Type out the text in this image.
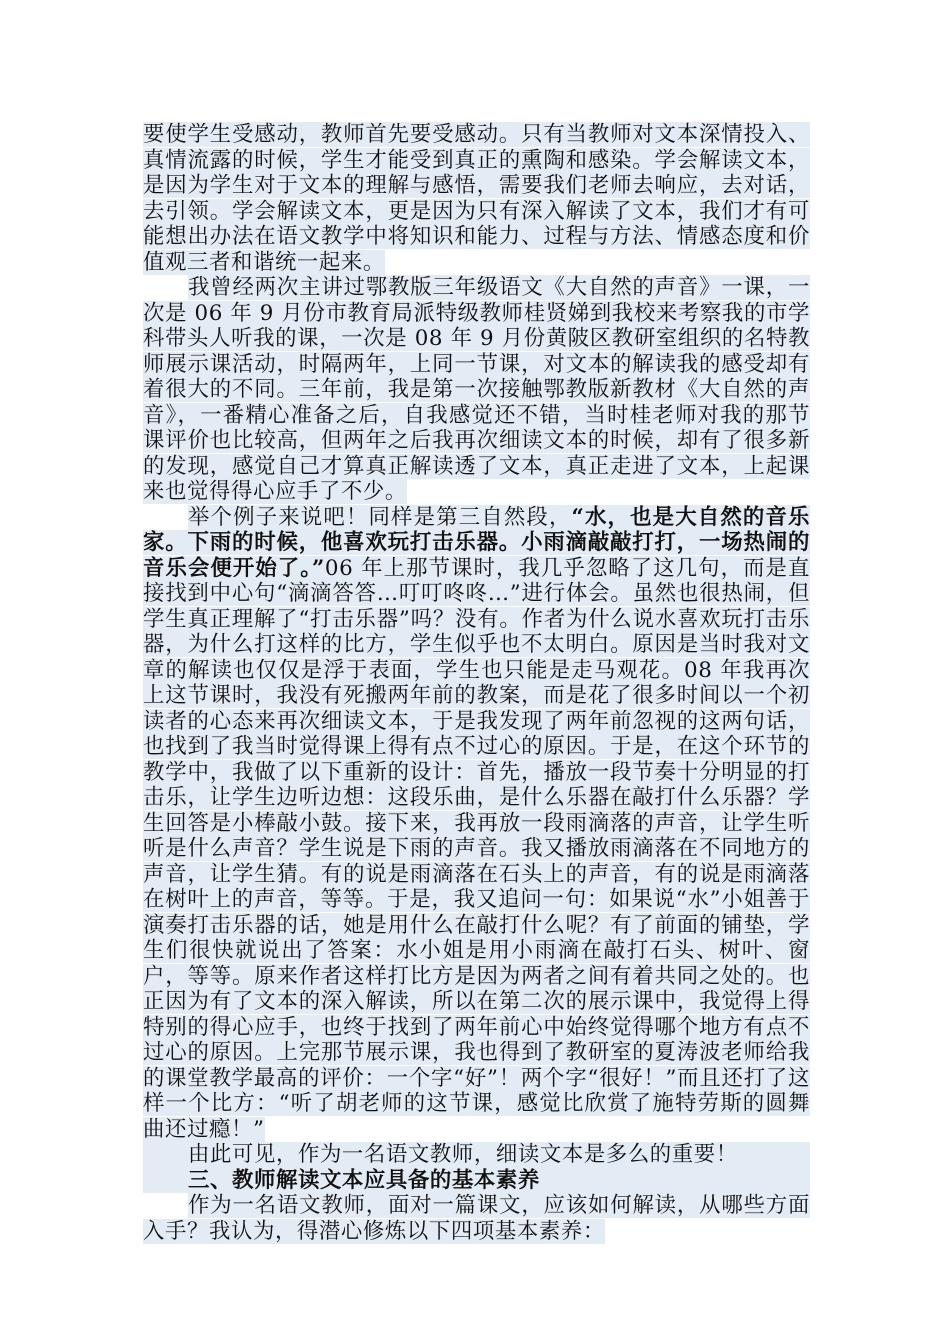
要使学生受感动，教师首先要受感动。只有当教师对文本深情投入、真情流露的时候，学生才能受到真正的熏陶和感染。学会解读文本，是因为学生对于文本的理解与感悟，需要我们老师去响应，去对话，去引领。学会解读文本，更是因为只有深入解读了文本，我们才有可能想出办法在语文教学中将知识和能力、过程与方法、情感态度和价值观三者和谐统一起来。

我曾经两次主讲过鄂教版三年级语文《大自然的声音》一课，一次是 06 年 9 月份市教育局派特级教师桂贤娣到我校来考察我的市学科带头人听我的课，一次是 08 年 9 月份黄陂区教研室组织的名特教师展示课活动，时隔两年，上同一节课，对文本的解读我的感受却有着很大的不同。三年前，我是第一次接触鄂教版新教材《大自然的声音》，一番精心准备之后，自我感觉还不错，当时桂老师对我的那节课评价也比较高，但两年之后我再次细读文本的时候，却有了很多新的发现，感觉自己才算真正解读透了文本，真正走进了文本，上起课来也觉得得心应手了不少。

举个例子来说吧！同样是第三自然段，“水，也是大自然的音乐家。下雨的时候，他喜欢玩打击乐器。小雨滴敲敲打打，一场热闹的音乐会便开始了。”06 年上那节课时，我几乎忽略了这几句，而是直接找到中心句“滴滴答答…叮叮咚咚…”进行体会。虽然也很热闹，但学生真正理解了“打击乐器”吗？没有。作者为什么说水喜欢玩打击乐器，为什么打这样的比方，学生似乎也不太明白。原因是当时我对文章的解读也仅仅是浮于表面，学生也只能是走马观花。08 年我再次上这节课时，我没有死搬两年前的教案，而是花了很多时间以一个初读者的心态来再次细读文本，于是我发现了两年前忽视的这两句话，也找到了我当时觉得课上得有点不过心的原因。于是，在这个环节的教学中，我做了以下重新的设计：首先，播放一段节奏十分明显的打击乐，让学生边听边想：这段乐曲，是什么乐器在敲打什么乐器？学生回答是小棒敲小鼓。接下来，我再放一段雨滴落的声音，让学生听听是什么声音？学生说是下雨的声音。我又播放雨滴落在不同地方的声音，让学生猜。有的说是雨滴落在石头上的声音，有的说是雨滴落在树叶上的声音，等等。于是，我又追问一句：如果说“水”小姐善于演奏打击乐器的话，她是用什么在敲打什么呢？有了前面的铺垫，学生们很快就说出了答案：水小姐是用小雨滴在敲打石头、树叶、窗户，等等。原来作者这样打比方是因为两者之间有着共同之处的。也正因为有了文本的深入解读，所以在第二次的展示课中，我觉得上得特别的得心应手，也终于找到了两年前心中始终觉得哪个地方有点不过心的原因。上完那节展示课，我也得到了教研室的夏涛波老师给我的课堂教学最高的评价：一个字“好”！两个字“很好！”而且还打了这样一个比方：“听了胡老师的这节课，感觉比欣赏了施特劳斯的圆舞曲还过瘾！”

由此可见，作为一名语文教师，细读文本是多么的重要！

三、教师解读文本应具备的基本素养

作为一名语文教师，面对一篇课文，应该如何解读，从哪些方面入手？我认为，得潜心修炼以下四项基本素养：
